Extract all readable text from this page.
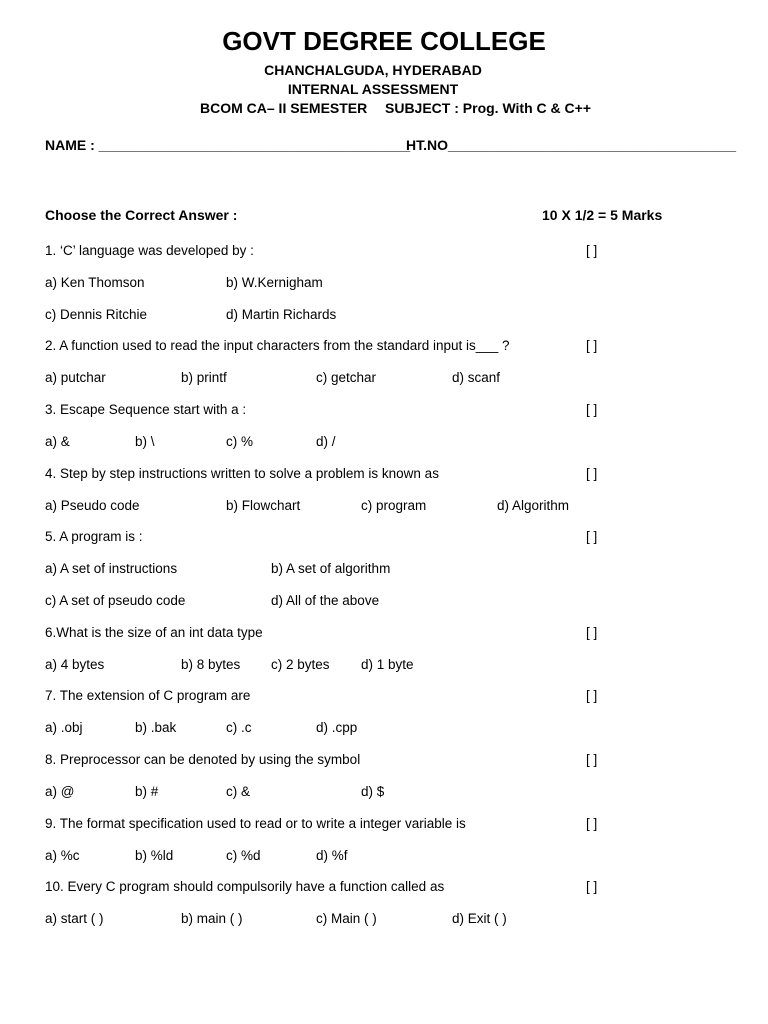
GOVT DEGREE COLLEGE
CHANCHALGUDA, HYDERABAD
INTERNAL ASSESSMENT
BCOM CA– II SEMESTER SUBJECT : Prog. With C & C++
NAME : ________________________________________
HT.NO_____________________________________
Choose the Correct Answer :	10 X 1/2 = 5 Marks
1. ‘C’ language was developed by :	[ ]
a) Ken Thomson	b) W.Kernigham
c) Dennis Ritchie	d) Martin Richards
2. A function used to read the input characters from the standard input is___ ?	[ ]
a) putchar	b) printf	c) getchar	d) scanf
3. Escape Sequence start with a :	[ ]
a) &	b) \	c) %	d) /
4. Step by step instructions written to solve a problem is known as	[ ]
a) Pseudo code	b) Flowchart	c) program	d) Algorithm
5. A program is :	[ ]
a) A set of instructions	b) A set of algorithm
c) A set of pseudo code	d) All of the above
6.What is the size of an int data type	[ ]
a) 4 bytes	b) 8 bytes c) 2 bytes d) 1 byte
7. The extension of C program are	[ ]
a) .obj	b) .bak	c) .c	d) .cpp
8. Preprocessor can be denoted by using the symbol	[ ]
a) @	b) #	c) &	d) $
9. The format specification used to read or to write a integer variable is	[ ]
a) %c	b) %ld	c) %d	d) %f
10. Every C program should compulsorily have a function called as	[ ]
a) start ( )	b) main ( )	c) Main ( )	d) Exit ( )
